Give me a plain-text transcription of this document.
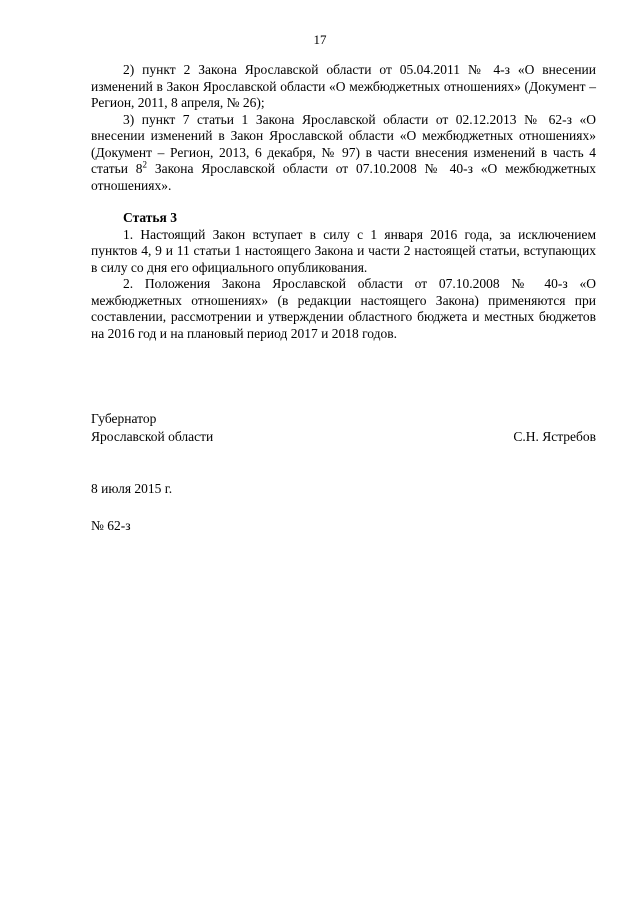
17

2) пункт 2 Закона Ярославской области от 05.04.2011 № 4-з «О внесении изменений в Закон Ярославской области «О межбюджетных отношениях» (Документ – Регион, 2011, 8 апреля, № 26);

3) пункт 7 статьи 1 Закона Ярославской области от 02.12.2013 № 62-з «О внесении изменений в Закон Ярославской области «О межбюджетных отношениях» (Документ – Регион, 2013, 6 декабря, № 97) в части внесения изменений в часть 4 статьи $8^2$ Закона Ярославской области от 07.10.2008 № 40-з «О межбюджетных отношениях».

Статья 3

1. Настоящий Закон вступает в силу с 1 января 2016 года, за исключением пунктов 4, 9 и 11 статьи 1 настоящего Закона и части 2 настоящей статьи, вступающих в силу со дня его официального опубликования.

2. Положения Закона Ярославской области от 07.10.2008 № 40-з «О межбюджетных отношениях» (в редакции настоящего Закона) применяются при составлении, рассмотрении и утверждении областного бюджета и местных бюджетов на 2016 год и на плановый период 2017 и 2018 годов.

Губернатор
Ярославской области	С.Н. Ястребов
8 июля 2015 г.
№ 62-з
